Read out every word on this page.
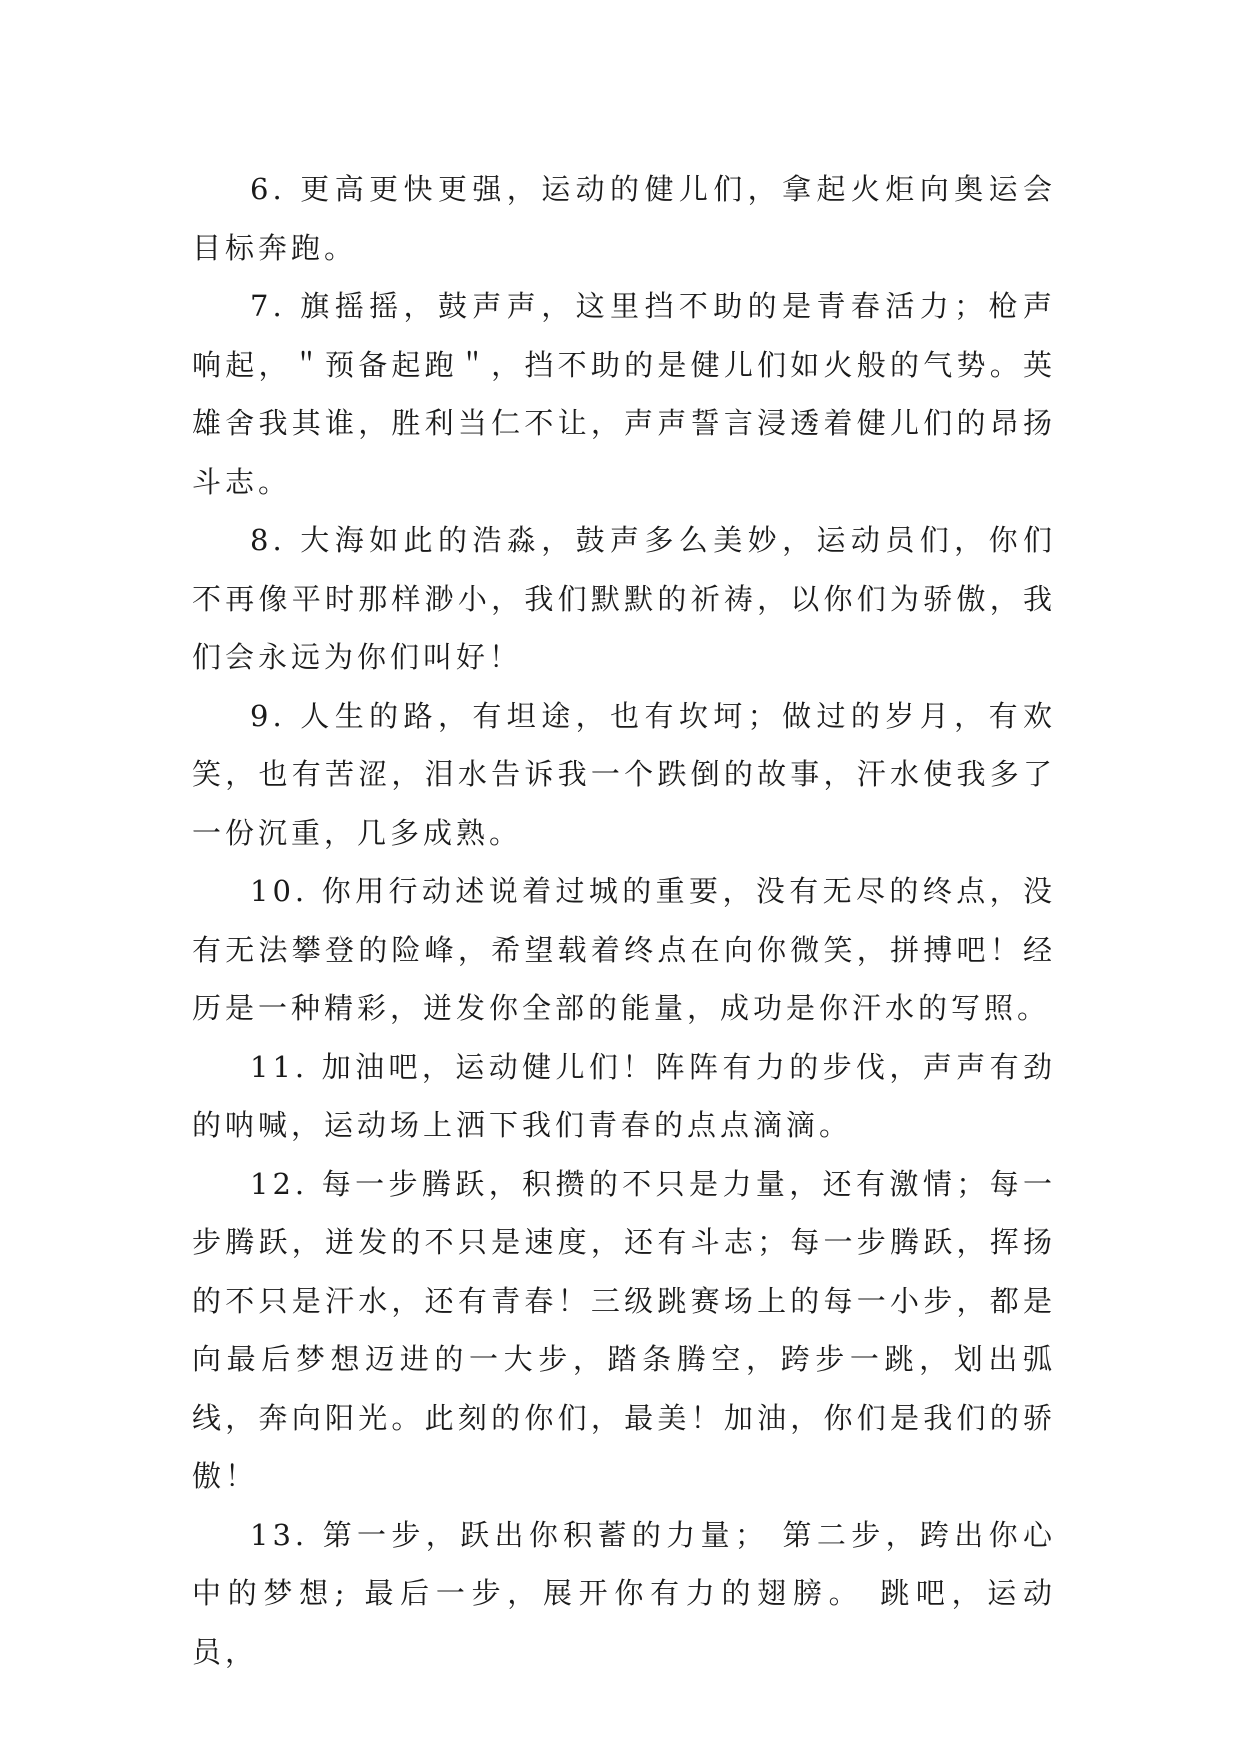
6. 更高更快更强，运动的健儿们，拿起火炬向奥运会目标奔跑。

7. 旗摇摇，鼓声声，这里挡不助的是青春活力；枪声响起，＂预备起跑＂，挡不助的是健儿们如火般的气势。英雄舍我其谁，胜利当仁不让，声声誓言浸透着健儿们的昂扬斗志。

8. 大海如此的浩淼，鼓声多么美妙，运动员们，你们不再像平时那样渺小，我们默默的祈祷，以你们为骄傲，我们会永远为你们叫好！

9. 人生的路，有坦途，也有坎坷；做过的岁月，有欢笑，也有苦涩，泪水告诉我一个跌倒的故事，汗水使我多了一份沉重，几多成熟。

10. 你用行动述说着过城的重要，没有无尽的终点，没有无法攀登的险峰，希望载着终点在向你微笑，拼搏吧！经历是一种精彩，迸发你全部的能量，成功是你汗水的写照。

11. 加油吧，运动健儿们！阵阵有力的步伐，声声有劲的呐喊，运动场上洒下我们青春的点点滴滴。

12. 每一步腾跃，积攒的不只是力量，还有激情；每一步腾跃，迸发的不只是速度，还有斗志；每一步腾跃，挥扬的不只是汗水，还有青春！三级跳赛场上的每一小步，都是向最后梦想迈进的一大步，踏条腾空，跨步一跳，划出弧线，奔向阳光。此刻的你们，最美！加油，你们是我们的骄傲！

13. 第一步，跃出你积蓄的力量； 第二步，跨出你心中的梦想; 最后一步，展开你有力的翅膀。 跳吧，运动员，
